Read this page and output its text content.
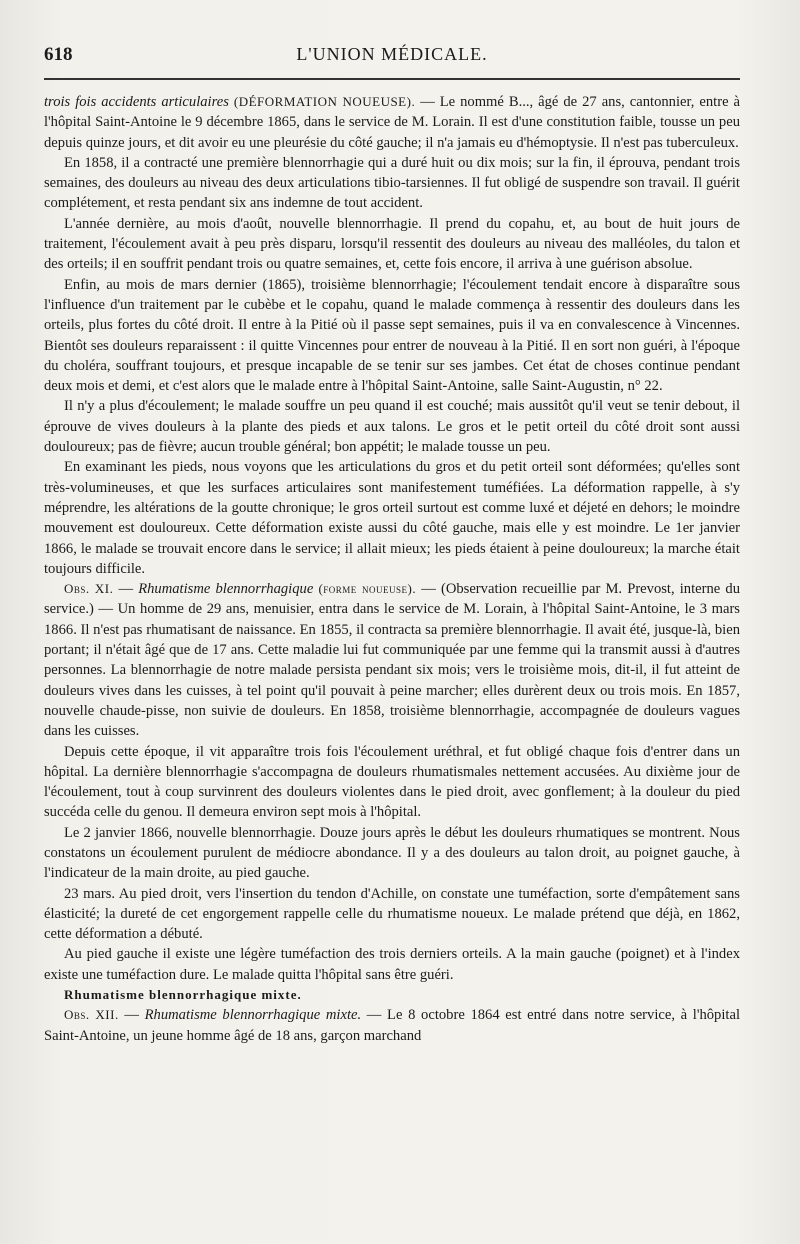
618	L'UNION MÉDICALE.

trois fois accidents articulaires (DÉFORMATION NOUEUSE). — Le nommé B..., âgé de 27 ans, cantonnier, entre à l'hôpital Saint-Antoine le 9 décembre 1865, dans le service de M. Lorain. Il est d'une constitution faible, tousse un peu depuis quinze jours, et dit avoir eu une pleurésie du côté gauche; il n'a jamais eu d'hémoptysie. Il n'est pas tuberculeux.

En 1858, il a contracté une première blennorrhagie qui a duré huit ou dix mois; sur la fin, il éprouva, pendant trois semaines, des douleurs au niveau des deux articulations tibio-tarsiennes. Il fut obligé de suspendre son travail. Il guérit complétement, et resta pendant six ans indemne de tout accident.

L'année dernière, au mois d'août, nouvelle blennorrhagie. Il prend du copahu, et, au bout de huit jours de traitement, l'écoulement avait à peu près disparu, lorsqu'il ressentit des douleurs au niveau des malléoles, du talon et des orteils; il en souffrit pendant trois ou quatre semaines, et, cette fois encore, il arriva à une guérison absolue.

Enfin, au mois de mars dernier (1865), troisième blennorrhagie; l'écoulement tendait encore à disparaître sous l'influence d'un traitement par le cubèbe et le copahu, quand le malade commença à ressentir des douleurs dans les orteils, plus fortes du côté droit. Il entre à la Pitié où il passe sept semaines, puis il va en convalescence à Vincennes. Bientôt ses douleurs reparaissent : il quitte Vincennes pour entrer de nouveau à la Pitié. Il en sort non guéri, à l'époque du choléra, souffrant toujours, et presque incapable de se tenir sur ses jambes. Cet état de choses continue pendant deux mois et demi, et c'est alors que le malade entre à l'hôpital Saint-Antoine, salle Saint-Augustin, n° 22.

Il n'y a plus d'écoulement; le malade souffre un peu quand il est couché; mais aussitôt qu'il veut se tenir debout, il éprouve de vives douleurs à la plante des pieds et aux talons. Le gros et le petit orteil du côté droit sont aussi douloureux; pas de fièvre; aucun trouble général; bon appétit; le malade tousse un peu.

En examinant les pieds, nous voyons que les articulations du gros et du petit orteil sont déformées; qu'elles sont très-volumineuses, et que les surfaces articulaires sont manifestement tuméfiées. La déformation rappelle, à s'y méprendre, les altérations de la goutte chronique; le gros orteil surtout est comme luxé et déjeté en dehors; le moindre mouvement est douloureux. Cette déformation existe aussi du côté gauche, mais elle y est moindre. Le 1er janvier 1866, le malade se trouvait encore dans le service; il allait mieux; les pieds étaient à peine douloureux; la marche était toujours difficile.

Obs. XI. — Rhumatisme blennorrhagique (forme noueuse). — (Observation recueillie par M. Prevost, interne du service.) — Un homme de 29 ans, menuisier, entra dans le service de M. Lorain, à l'hôpital Saint-Antoine, le 3 mars 1866. Il n'est pas rhumatisant de naissance. En 1855, il contracta sa première blennorrhagie. Il avait été, jusque-là, bien portant; il n'était âgé que de 17 ans. Cette maladie lui fut communiquée par une femme qui la transmit aussi à d'autres personnes. La blennorrhagie de notre malade persista pendant six mois; vers le troisième mois, dit-il, il fut atteint de douleurs vives dans les cuisses, à tel point qu'il pouvait à peine marcher; elles durèrent deux ou trois mois. En 1857, nouvelle chaude-pisse, non suivie de douleurs. En 1858, troisième blennorrhagie, accompagnée de douleurs vagues dans les cuisses.

Depuis cette époque, il vit apparaître trois fois l'écoulement uréthral, et fut obligé chaque fois d'entrer dans un hôpital. La dernière blennorrhagie s'accompagna de douleurs rhumatismales nettement accusées. Au dixième jour de l'écoulement, tout à coup survinrent des douleurs violentes dans le pied droit, avec gonflement; à la douleur du pied succéda celle du genou. Il demeura environ sept mois à l'hôpital.

Le 2 janvier 1866, nouvelle blennorrhagie. Douze jours après le début les douleurs rhumatiques se montrent. Nous constatons un écoulement purulent de médiocre abondance. Il y a des douleurs au talon droit, au poignet gauche, à l'indicateur de la main droite, au pied gauche.

23 mars. Au pied droit, vers l'insertion du tendon d'Achille, on constate une tuméfaction, sorte d'empâtement sans élasticité; la dureté de cet engorgement rappelle celle du rhumatisme noueux. Le malade prétend que déjà, en 1862, cette déformation a débuté.

Au pied gauche il existe une légère tuméfaction des trois derniers orteils. A la main gauche (poignet) et à l'index existe une tuméfaction dure. Le malade quitta l'hôpital sans être guéri.

Rhumatisme blennorrhagique mixte.

Obs. XII. — Rhumatisme blennorrhagique mixte. — Le 8 octobre 1864 est entré dans notre service, à l'hôpital Saint-Antoine, un jeune homme âgé de 18 ans, garçon marchand
